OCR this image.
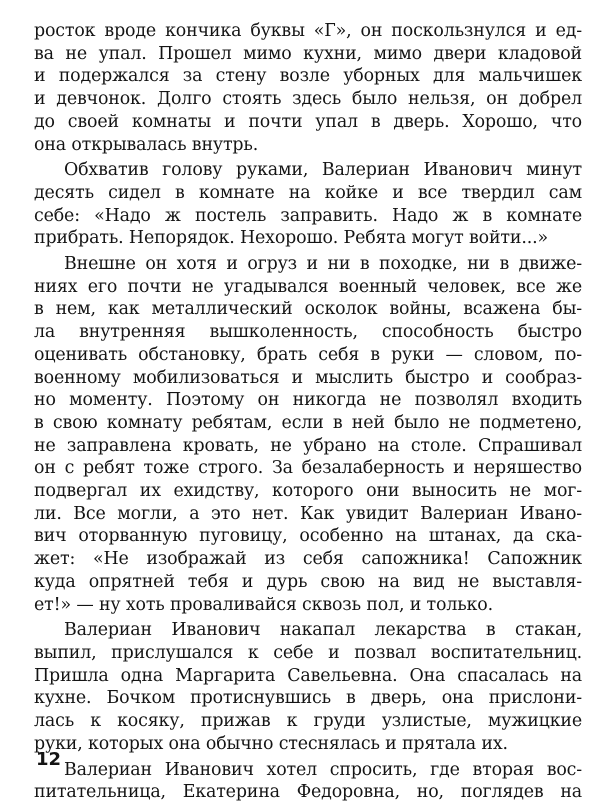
росток вроде кончика буквы «Г», он поскользнулся и ед-
ва не упал. Прошел мимо кухни, мимо двери кладовой
и подержался за стену возле уборных для мальчишек
и девчонок. Долго стоять здесь было нельзя, он добрел
до своей комнаты и почти упал в дверь. Хорошо, что
она открывалась внутрь.
Обхватив голову руками, Валериан Иванович минут
десять сидел в комнате на койке и все твердил сам
себе: «Надо ж постель заправить. Надо ж в комнате
прибрать. Непорядок. Нехорошо. Ребята могут войти...»
Внешне он хотя и огруз и ни в походке, ни в движе-
ниях его почти не угадывался военный человек, все же
в нем, как металлический осколок войны, всажена бы-
ла внутренняя вышколенность, способность быстро
оценивать обстановку, брать себя в руки — словом, по-
военному мобилизоваться и мыслить быстро и сообраз-
но моменту. Поэтому он никогда не позволял входить
в свою комнату ребятам, если в ней было не подметено,
не заправлена кровать, не убрано на столе. Спрашивал
он с ребят тоже строго. За безалаберность и неряшество
подвергал их ехидству, которого они выносить не мог-
ли. Все могли, а это нет. Как увидит Валериан Ивано-
вич оторванную пуговицу, особенно на штанах, да ска-
жет: «Не изображай из себя сапожника! Сапожник
куда опрятней тебя и дурь свою на вид не выставля-
ет!» — ну хоть проваливайся сквозь пол, и только.
Валериан Иванович накапал лекарства в стакан,
выпил, прислушался к себе и позвал воспитательниц.
Пришла одна Маргарита Савельевна. Она спасалась на
кухне. Бочком протиснувшись в дверь, она прислони-
лась к косяку, прижав к груди узлистые, мужицкие
руки, которых она обычно стеснялась и прятала их.
Валериан Иванович хотел спросить, где вторая вос-
питательница, Екатерина Федоровна, но, поглядев на
12
